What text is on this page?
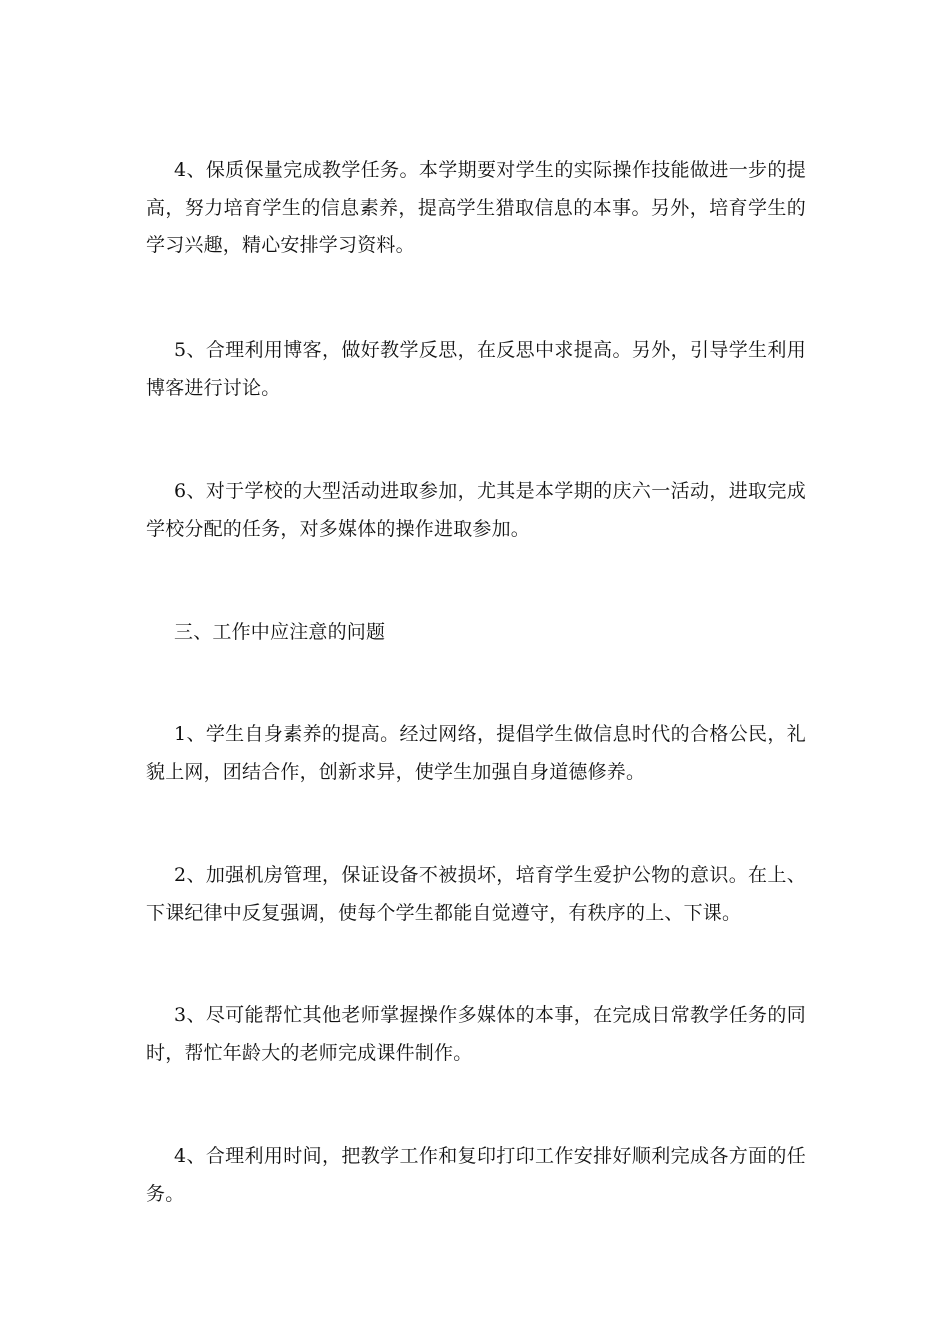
4、保质保量完成教学任务。本学期要对学生的实际操作技能做进一步的提高，努力培育学生的信息素养，提高学生猎取信息的本事。另外，培育学生的学习兴趣，精心安排学习资料。

5、合理利用博客，做好教学反思，在反思中求提高。另外，引导学生利用博客进行讨论。

6、对于学校的大型活动进取参加，尤其是本学期的庆六一活动，进取完成学校分配的任务，对多媒体的操作进取参加。

三、工作中应注意的问题

1、学生自身素养的提高。经过网络，提倡学生做信息时代的合格公民，礼貌上网，团结合作，创新求异，使学生加强自身道德修养。

2、加强机房管理，保证设备不被损坏，培育学生爱护公物的意识。在上、下课纪律中反复强调，使每个学生都能自觉遵守，有秩序的上、下课。

3、尽可能帮忙其他老师掌握操作多媒体的本事，在完成日常教学任务的同时，帮忙年龄大的老师完成课件制作。

4、合理利用时间，把教学工作和复印打印工作安排好顺利完成各方面的任务。
